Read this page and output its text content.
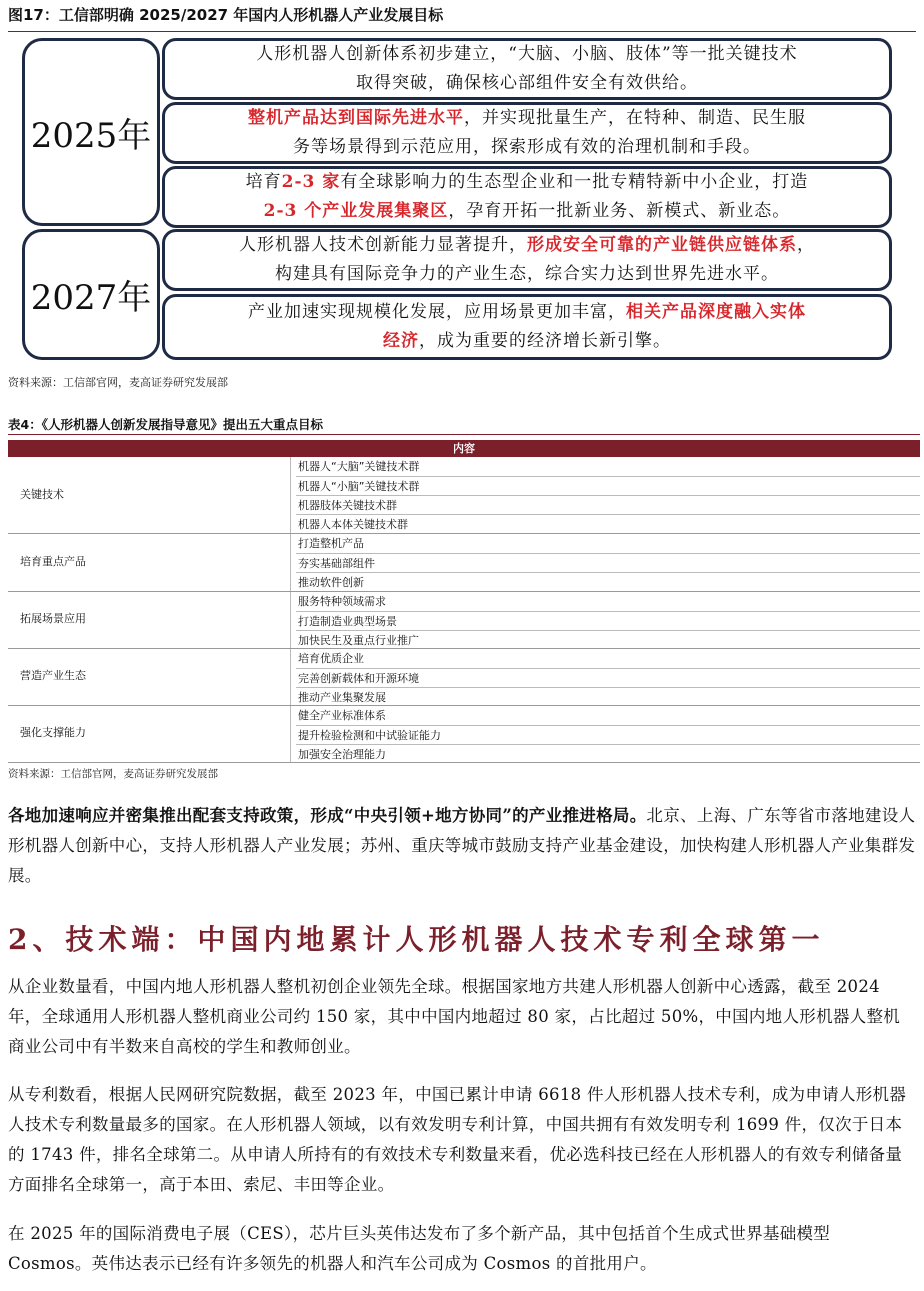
图17：工信部明确 2025/2027 年国内人形机器人产业发展目标
2025年
2027年
人形机器人创新体系初步建立，“大脑、小脑、肢体”等一批关键技术
取得突破，确保核心部组件安全有效供给。
整机产品达到国际先进水平，并实现批量生产，在特种、制造、民生服
务等场景得到示范应用，探索形成有效的治理机制和手段。
培育2-3 家有全球影响力的生态型企业和一批专精特新中小企业，打造
2-3 个产业发展集聚区，孕育开拓一批新业务、新模式、新业态。
人形机器人技术创新能力显著提升，形成安全可靠的产业链供应链体系，
构建具有国际竞争力的产业生态，综合实力达到世界先进水平。
产业加速实现规模化发展，应用场景更加丰富，相关产品深度融入实体
经济，成为重要的经济增长新引擎。
资料来源：工信部官网，麦高证券研究发展部
表4：《人形机器人创新发展指导意见》提出五大重点目标
内容
关键技术
机器人“大脑”关键技术群
机器人“小脑”关键技术群
机器肢体关键技术群
机器人本体关键技术群
培育重点产品
打造整机产品
夯实基础部组件
推动软件创新
拓展场景应用
服务特种领域需求
打造制造业典型场景
加快民生及重点行业推广
营造产业生态
培育优质企业
完善创新载体和开源环境
推动产业集聚发展
强化支撑能力
健全产业标准体系
提升检验检测和中试验证能力
加强安全治理能力
资料来源：工信部官网，麦高证券研究发展部
各地加速响应并密集推出配套支持政策，形成“中央引领+地方协同”的产业推进格局。北京、上海、广东等省市落地建设人形机器人创新中心，支持人形机器人产业发展；苏州、重庆等城市鼓励支持产业基金建设，加快构建人形机器人产业集群发展。
2、技术端：中国内地累计人形机器人技术专利全球第一
从企业数量看，中国内地人形机器人整机初创企业领先全球。根据国家地方共建人形机器人创新中心透露，截至 2024 年，全球通用人形机器人整机商业公司约 150 家，其中中国内地超过 80 家，占比超过 50%，中国内地人形机器人整机商业公司中有半数来自高校的学生和教师创业。
从专利数看，根据人民网研究院数据，截至 2023 年，中国已累计申请 6618 件人形机器人技术专利，成为申请人形机器人技术专利数量最多的国家。在人形机器人领域，以有效发明专利计算，中国共拥有有效发明专利 1699 件，仅次于日本的 1743 件，排名全球第二。从申请人所持有的有效技术专利数量来看，优必选科技已经在人形机器人的有效专利储备量方面排名全球第一，高于本田、索尼、丰田等企业。
在 2025 年的国际消费电子展（CES），芯片巨头英伟达发布了多个新产品，其中包括首个生成式世界基础模型 Cosmos。英伟达表示已经有许多领先的机器人和汽车公司成为 Cosmos 的首批用户。
